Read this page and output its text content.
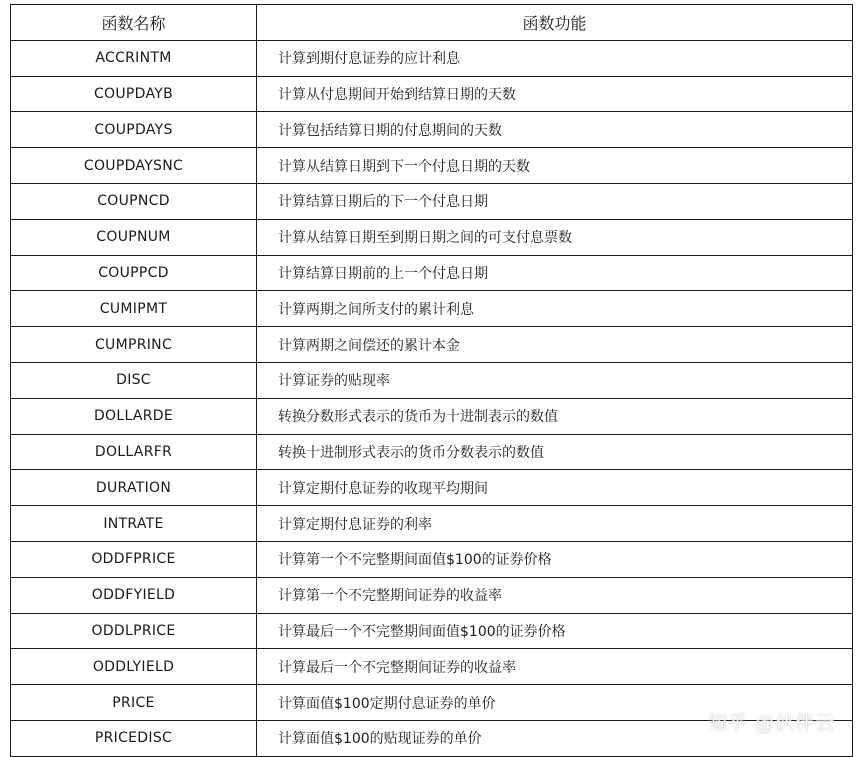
函数名称	函数功能
ACCRINTM	计算到期付息证券的应计利息
COUPDAYB	计算从付息期间开始到结算日期的天数
COUPDAYS	计算包括结算日期的付息期间的天数
COUPDAYSNC	计算从结算日期到下一个付息日期的天数
COUPNCD	计算结算日期后的下一个付息日期
COUPNUM	计算从结算日期至到期日期之间的可支付息票数
COUPPCD	计算结算日期前的上一个付息日期
CUMIPMT	计算两期之间所支付的累计利息
CUMPRINC	计算两期之间偿还的累计本金
DISC	计算证券的贴现率
DOLLARDE	转换分数形式表示的货币为十进制表示的数值
DOLLARFR	转换十进制形式表示的货币分数表示的数值
DURATION	计算定期付息证券的收现平均期间
INTRATE	计算定期付息证券的利率
ODDFPRICE	计算第一个不完整期间面值$100的证券价格
ODDFYIELD	计算第一个不完整期间证券的收益率
ODDLPRICE	计算最后一个不完整期间面值$100的证券价格
ODDLYIELD	计算最后一个不完整期间证券的收益率
PRICE	计算面值$100定期付息证券的单价
PRICEDISC	计算面值$100的贴现证券的单价
知乎 @伙伴云
